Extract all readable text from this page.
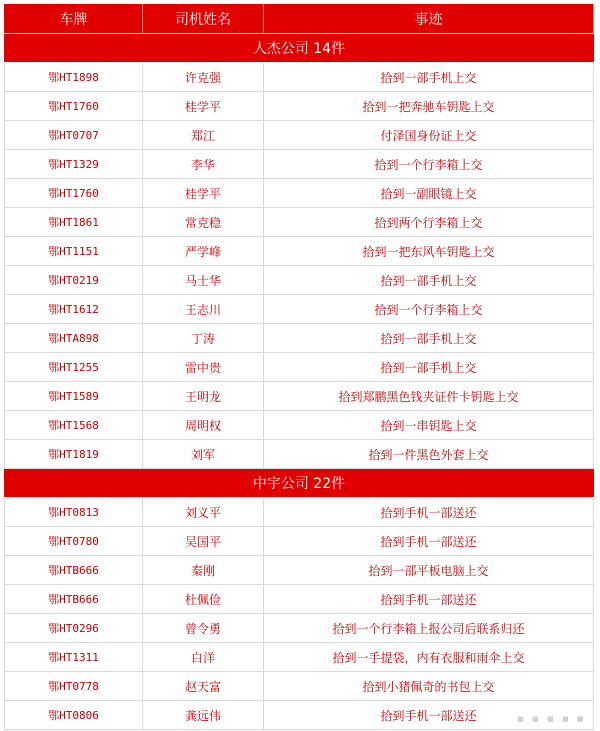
车牌	司机姓名	事迹
人杰公司 14件
鄂HT1898	许克强	拾到一部手机上交
鄂HT1760	桂学平	拾到一把奔驰车钥匙上交
鄂HT0707	郑江	付泽国身份证上交
鄂HT1329	李华	拾到一个行李箱上交
鄂HT1760	桂学平	拾到一副眼镜上交
鄂HT1861	常克稳	拾到两个行李箱上交
鄂HT1151	严学峰	拾到一把东风车钥匙上交
鄂HT0219	马士华	拾到一部手机上交
鄂HT1612	王志川	拾到一个行李箱上交
鄂HTA898	丁涛	拾到一部手机上交
鄂HT1255	雷中贵	拾到一部手机上交
鄂HT1589	王明龙	拾到郑鹏黑色钱夹证件卡钥匙上交
鄂HT1568	周明权	拾到一串钥匙上交
鄂HT1819	刘军	拾到一件黑色外套上交
中宇公司 22件
鄂HT0813	刘义平	拾到手机一部送还
鄂HT0780	吴国平	拾到手机一部送还
鄂HTB666	秦刚	拾到一部平板电脑上交
鄂HTB666	杜佩俭	拾到手机一部送还
鄂HT0296	曾令勇	拾到一个行李箱上报公司后联系归还
鄂HT1311	白洋	拾到一手提袋，内有衣服和雨伞上交
鄂HT0778	赵天富	拾到小猪佩奇的书包上交
鄂HT0806	龚远伟	拾到手机一部送还	▪ ▪ ▪ ▪ ▪
